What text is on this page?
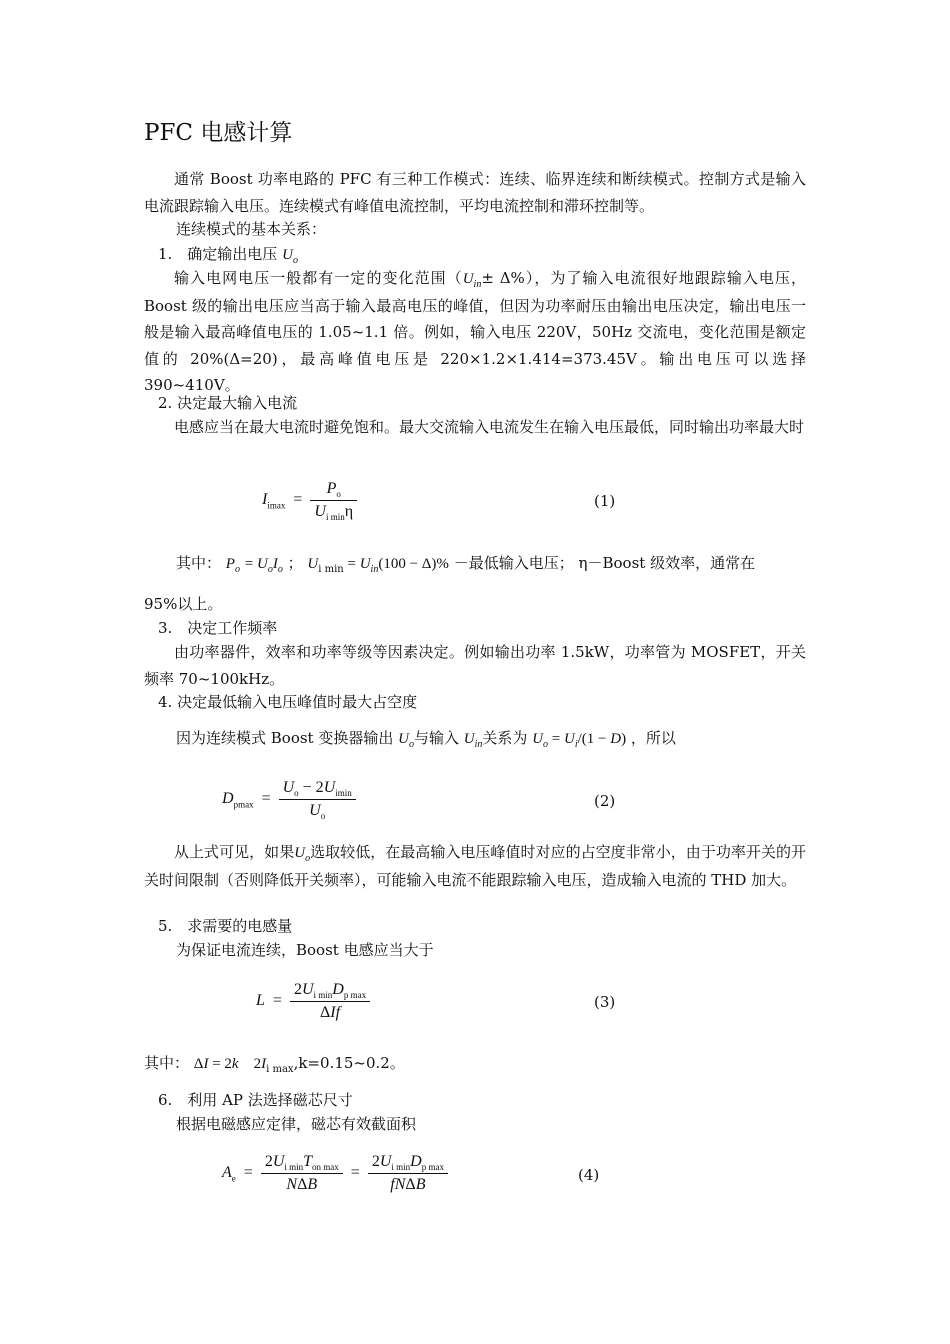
PFC 电感计算
通常 Boost 功率电路的 PFC 有三种工作模式：连续、临界连续和断续模式。控制方式是输入电流跟踪输入电压。连续模式有峰值电流控制，平均电流控制和滞环控制等。
连续模式的基本关系：
1.　确定输出电压 $U_o$
输入电网电压一般都有一定的变化范围$(U_{in}\pm \Delta\%)$，为了输入电流很好地跟踪输入电压，Boost 级的输出电压应当高于输入最高电压的峰值，但因为功率耐压由输出电压决定，输出电压一般是输入最高峰值电压的 1.05~1.1 倍。例如，输入电压 220V，50Hz 交流电，变化范围是额定值的 20%(Δ=20)，最高峰值电压是 220×1.2×1.414=373.45V。输出电压可以选择 390~410V。
2. 决定最大输入电流
电感应当在最大电流时避免饱和。最大交流输入电流发生在输入电压最低，同时输出功率最大时
$I_{imax} = \frac{P_o}{U_{i min}\eta}$	(1)
其中： $P_o = U_oI_o$ ； $U_{i min} = U_{in}(100 - \Delta)\%$ －最低输入电压； η－Boost 级效率，通常在
95%以上。
3.　决定工作频率
由功率器件，效率和功率等级等因素决定。例如输出功率 1.5kW，功率管为 MOSFET，开关频率 70~100kHz。
4. 决定最低输入电压峰值时最大占空度
因为连续模式 Boost 变换器输出 $U_o$与输入 $U_{in}$关系为 $U_o = U_i/(1 - D)$ ，所以
$D_{pmax} = \frac{U_o - 2U_{imin}}{U_o}$	(2)
从上式可见，如果$U_o$选取较低，在最高输入电压峰值时对应的占空度非常小，由于功率开关的开关时间限制（否则降低开关频率），可能输入电流不能跟踪输入电压，造成输入电流的 THD 加大。
5.　求需要的电感量
为保证电流连续，Boost 电感应当大于
$L = \frac{2U_{i min}D_{p max}}{\text{ΔIf}}$	(3)
其中： ΔI = 2k　$2I_{i max},k=0.15\sim 0.2$。
6.　利用 AP 法选择磁芯尺寸
根据电磁感应定律，磁芯有效截面积
$A_e = \frac{2U_{i min}T_{on max}}{\text{NΔB}} = \frac{2U_{i min}D_{p max}}{\text{fNΔB}}$	(4)
